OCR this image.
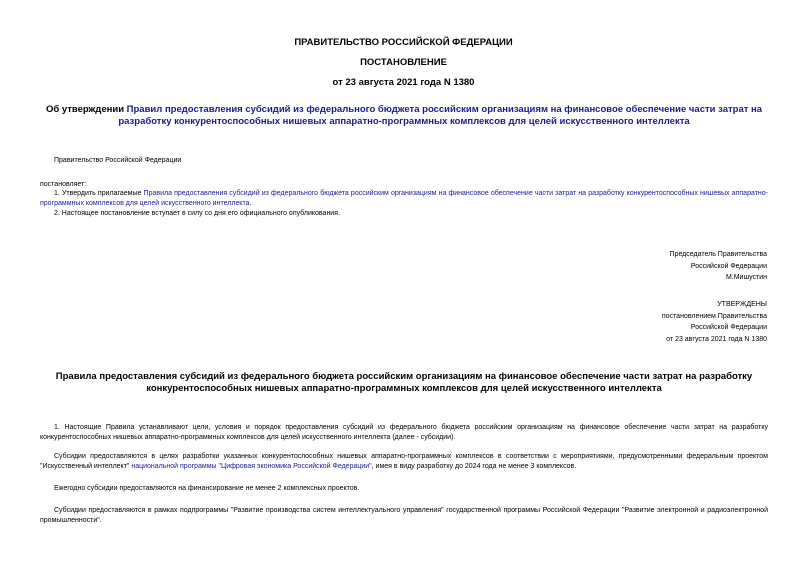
ПРАВИТЕЛЬСТВО РОССИЙСКОЙ ФЕДЕРАЦИИ
ПОСТАНОВЛЕНИЕ
от 23 августа 2021 года N 1380
Об утверждении Правил предоставления субсидий из федерального бюджета российским организациям на финансовое обеспечение части затрат на разработку конкурентоспособных нишевых аппаратно-программных комплексов для целей искусственного интеллекта
Правительство Российской Федерации
постановляет:
1. Утвердить прилагаемые Правила предоставления субсидий из федерального бюджета российским организациям на финансовое обеспечение части затрат на разработку конкурентоспособных нишевых аппаратно-программных комплексов для целей искусственного интеллекта.
2. Настоящее постановление вступает в силу со дня его официального опубликования.
Председатель Правительства
Российской Федерации
М.Мишустин
УТВЕРЖДЕНЫ
постановлением Правительства
Российской Федерации
от 23 августа 2021 года N 1380
Правила предоставления субсидий из федерального бюджета российским организациям на финансовое обеспечение части затрат на разработку конкурентоспособных нишевых аппаратно-программных комплексов для целей искусственного интеллекта
1. Настоящие Правила устанавливают цели, условия и порядок предоставления субсидий из федерального бюджета российским организациям на финансовое обеспечение части затрат на разработку конкурентоспособных нишевых аппаратно-программных комплексов для целей искусственного интеллекта (далее - субсидии).
Субсидии предоставляются в целях разработки указанных конкурентоспособных нишевых аппаратно-программных комплексов в соответствии с мероприятиями, предусмотренными федеральным проектом "Искусственный интеллект" национальной программы "Цифровая экономика Российской Федерации", имея в виду разработку до 2024 года не менее 3 комплексов.
Ежегодно субсидии предоставляются на финансирование не менее 2 комплексных проектов.
Субсидии предоставляются в рамках подпрограммы "Развитие производства систем интеллектуального управления" государственной программы Российской Федерации "Развитие электронной и радиоэлектронной промышленности".
